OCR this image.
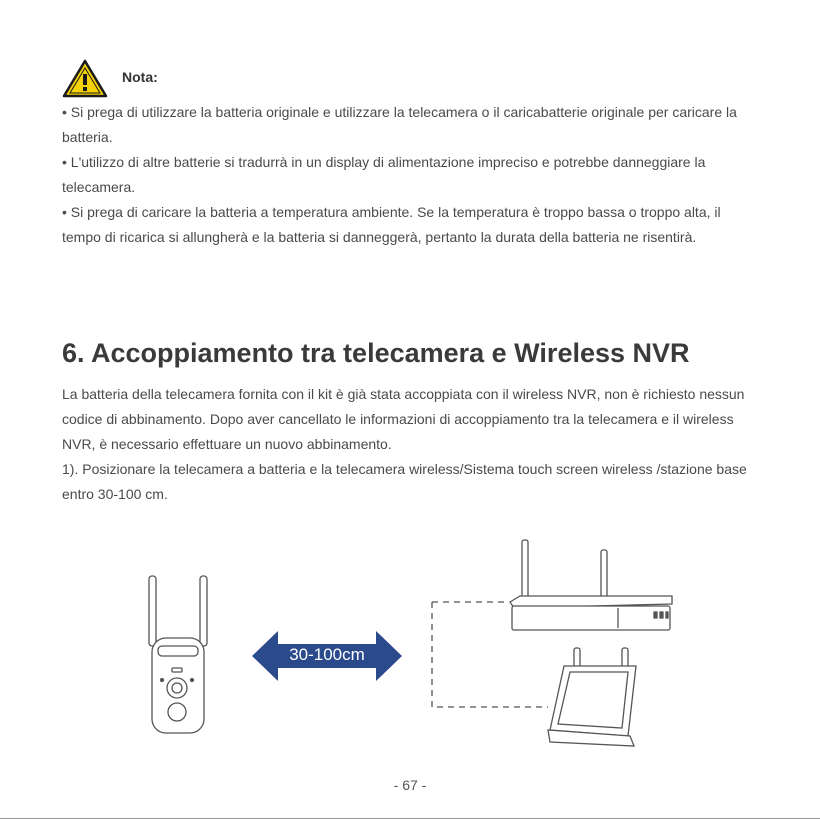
Nota:

• Si prega di utilizzare la batteria originale e utilizzare la telecamera o il caricabatterie originale per caricare la batteria.

• L'utilizzo di altre batterie si tradurrà in un display di alimentazione impreciso e potrebbe danneggiare la telecamera.

• Si prega di caricare la batteria a temperatura ambiente. Se la temperatura è troppo bassa o troppo alta, il tempo di ricarica si allungherà e la batteria si danneggerà, pertanto la durata della batteria ne risentirà.

6. Accoppiamento tra telecamera e Wireless NVR

La batteria della telecamera fornita con il kit è già stata accoppiata con il wireless NVR, non è richiesto nessun codice di abbinamento. Dopo aver cancellato le informazioni di accoppiamento tra la telecamera e il wireless NVR, è necessario effettuare un nuovo abbinamento.

1). Posizionare la telecamera a batteria e la telecamera wireless/Sistema touch screen wireless /stazione base entro 30-100 cm.

30-100cm
- 67 -
